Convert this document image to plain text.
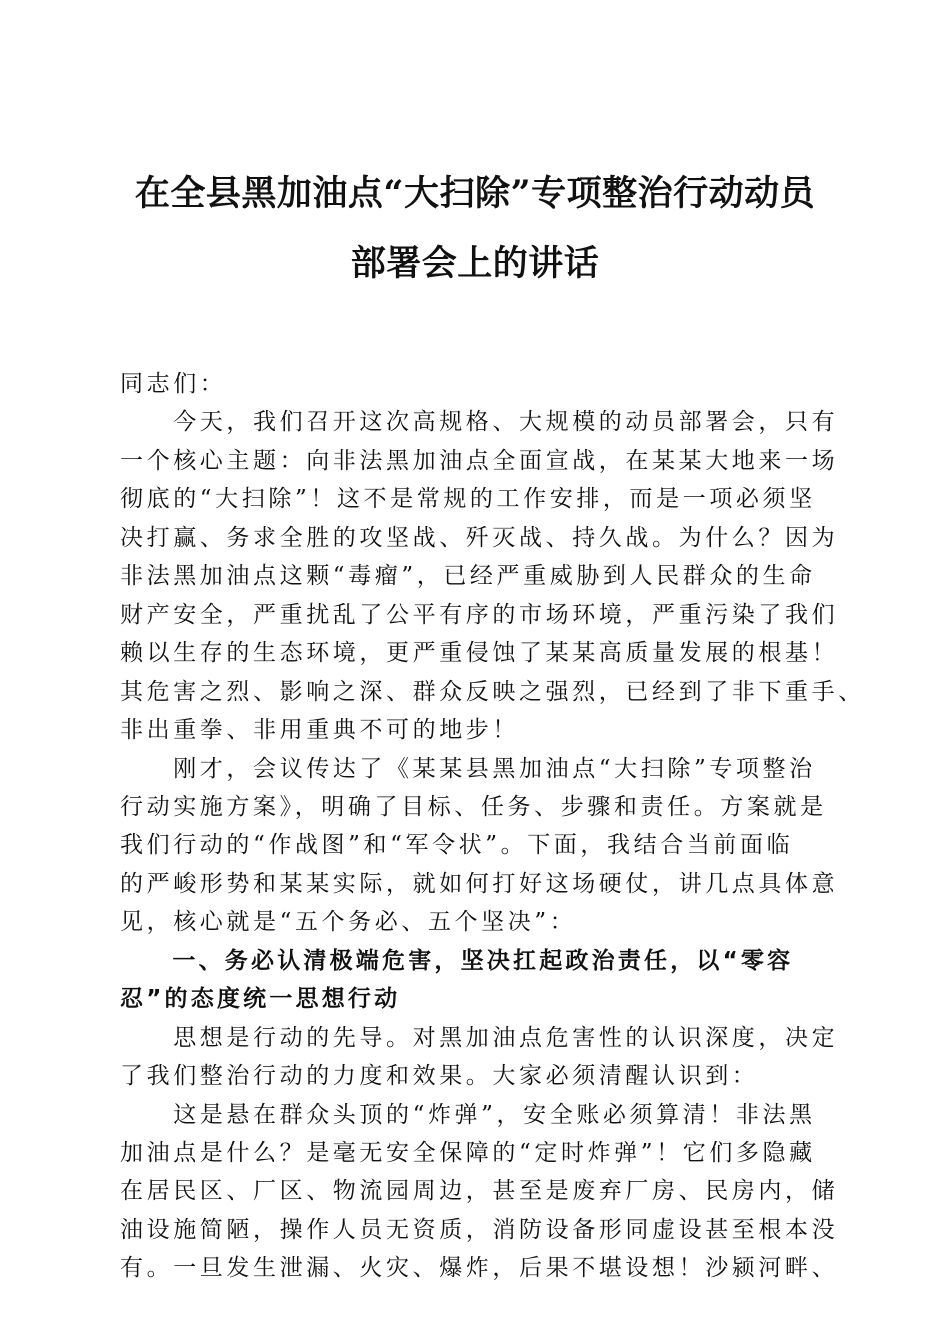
在全县黑加油点“大扫除”专项整治行动动员
部署会上的讲话
同志们：
　　今天，我们召开这次高规格、大规模的动员部署会，只有
一个核心主题：向非法黑加油点全面宣战，在某某大地来一场
彻底的“大扫除”！这不是常规的工作安排，而是一项必须坚
决打赢、务求全胜的攻坚战、歼灭战、持久战。为什么？因为
非法黑加油点这颗“毒瘤”，已经严重威胁到人民群众的生命
财产安全，严重扰乱了公平有序的市场环境，严重污染了我们
赖以生存的生态环境，更严重侵蚀了某某高质量发展的根基！
其危害之烈、影响之深、群众反映之强烈，已经到了非下重手、
非出重拳、非用重典不可的地步！
　　刚才，会议传达了《某某县黑加油点“大扫除”专项整治
行动实施方案》，明确了目标、任务、步骤和责任。方案就是
我们行动的“作战图”和“军令状”。下面，我结合当前面临
的严峻形势和某某实际，就如何打好这场硬仗，讲几点具体意
见，核心就是“五个务必、五个坚决”：
　　一、务必认清极端危害，坚决扛起政治责任，以“零容
忍”的态度统一思想行动
　　思想是行动的先导。对黑加油点危害性的认识深度，决定
了我们整治行动的力度和效果。大家必须清醒认识到：
　　这是悬在群众头顶的“炸弹”，安全账必须算清！非法黑
加油点是什么？是毫无安全保障的“定时炸弹”！它们多隐藏
在居民区、厂区、物流园周边，甚至是废弃厂房、民房内，储
油设施简陋，操作人员无资质，消防设备形同虚设甚至根本没
有。一旦发生泄漏、火灾、爆炸，后果不堪设想！沙颍河畔、
